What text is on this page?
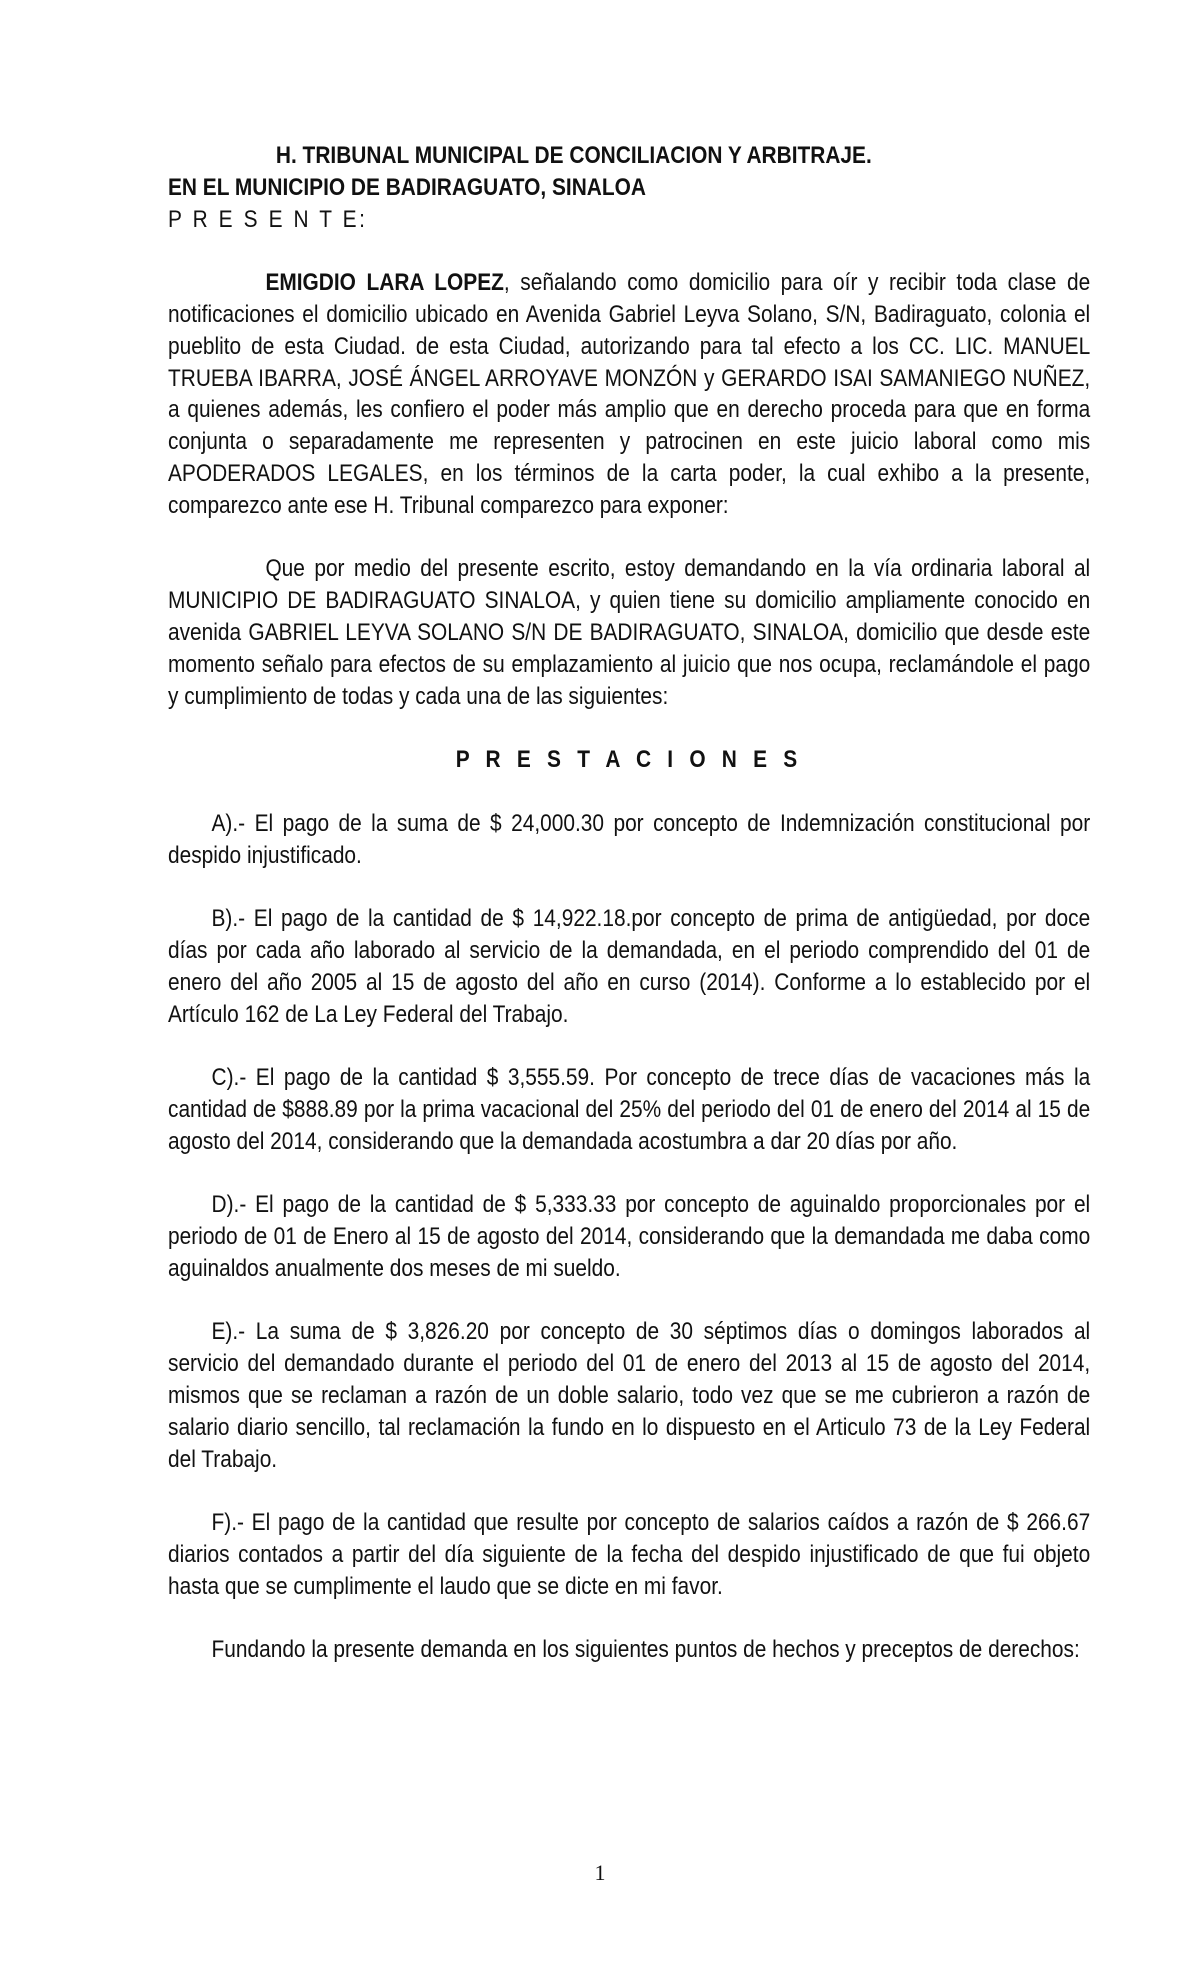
H. TRIBUNAL MUNICIPAL DE CONCILIACION Y ARBITRAJE.

EN EL MUNICIPIO DE BADIRAGUATO, SINALOA

P R E S E N T E:

EMIGDIO LARA LOPEZ, señalando como domicilio para oír y recibir toda clase de notificaciones el domicilio ubicado en Avenida Gabriel Leyva Solano, S/N, Badiraguato, colonia el pueblito de esta Ciudad. de esta Ciudad, autorizando para tal efecto a los CC. LIC. MANUEL TRUEBA IBARRA, JOSÉ ÁNGEL ARROYAVE MONZÓN y GERARDO ISAI SAMANIEGO NUÑEZ, a quienes además, les confiero el poder más amplio que en derecho proceda para que en forma conjunta o separadamente me representen y patrocinen en este juicio laboral como mis APODERADOS LEGALES, en los términos de la carta poder, la cual exhibo a la presente, comparezco ante ese H. Tribunal comparezco para exponer:

Que por medio del presente escrito, estoy demandando en la vía ordinaria laboral al MUNICIPIO DE BADIRAGUATO SINALOA, y quien tiene su domicilio ampliamente conocido en avenida GABRIEL LEYVA SOLANO S/N DE BADIRAGUATO, SINALOA, domicilio que desde este momento señalo para efectos de su emplazamiento al juicio que nos ocupa, reclamándole el pago y cumplimiento de todas y cada una de las siguientes:

P R E S T A C I O N E S

A).- El pago de la suma de $ 24,000.30 por concepto de Indemnización constitucional por despido injustificado.

B).- El pago de la cantidad de $ 14,922.18.por concepto de prima de antigüedad, por doce días por cada año laborado al servicio de la demandada, en el periodo comprendido del 01 de enero del año 2005 al 15 de agosto del año en curso (2014). Conforme a lo establecido por el Artículo 162 de La Ley Federal del Trabajo.

C).- El pago de la cantidad $ 3,555.59. Por concepto de trece días de vacaciones más la cantidad de $888.89 por la prima vacacional del 25% del periodo del 01 de enero del 2014 al 15 de agosto del 2014, considerando que la demandada acostumbra a dar 20 días por año.

D).- El pago de la cantidad de $ 5,333.33 por concepto de aguinaldo proporcionales por el periodo de 01 de Enero al 15 de agosto del 2014, considerando que la demandada me daba como aguinaldos anualmente dos meses de mi sueldo.

E).- La suma de $ 3,826.20 por concepto de 30 séptimos días o domingos laborados al servicio del demandado durante el periodo del 01 de enero del 2013 al 15 de agosto del 2014, mismos que se reclaman a razón de un doble salario, todo vez que se me cubrieron a razón de salario diario sencillo, tal reclamación la fundo en lo dispuesto en el Articulo 73 de la Ley Federal del Trabajo.

F).- El pago de la cantidad que resulte por concepto de salarios caídos a razón de $ 266.67 diarios contados a partir del día siguiente de la fecha del despido injustificado de que fui objeto hasta que se cumplimente el laudo que se dicte en mi favor.

Fundando la presente demanda en los siguientes puntos de hechos y preceptos de derechos:

1
